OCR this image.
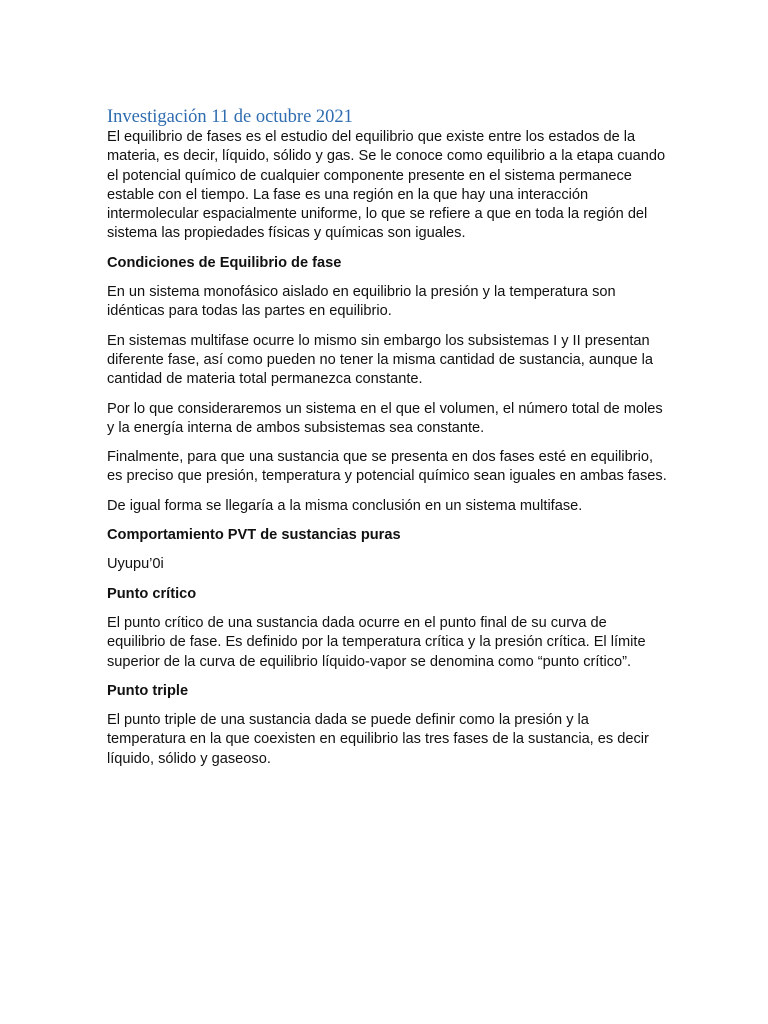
Investigación 11 de octubre 2021

El equilibrio de fases es el estudio del equilibrio que existe entre los estados de la materia, es decir, líquido, sólido y gas. Se le conoce como equilibrio a la etapa cuando el potencial químico de cualquier componente presente en el sistema permanece estable con el tiempo. La fase es una región en la que hay una interacción intermolecular espacialmente uniforme, lo que se refiere a que en toda la región del sistema las propiedades físicas y químicas son iguales.

Condiciones de Equilibrio de fase

En un sistema monofásico aislado en equilibrio la presión y la temperatura son idénticas para todas las partes en equilibrio.

En sistemas multifase ocurre lo mismo sin embargo los subsistemas I y II presentan diferente fase, así como pueden no tener la misma cantidad de sustancia, aunque la cantidad de materia total permanezca constante.

Por lo que consideraremos un sistema en el que el volumen, el número total de moles y la energía interna de ambos subsistemas sea constante.

Finalmente, para que una sustancia que se presenta en dos fases esté en equilibrio, es preciso que presión, temperatura y potencial químico sean iguales en ambas fases.

De igual forma se llegaría a la misma conclusión en un sistema multifase.

Comportamiento PVT de sustancias puras

Uyupu’0i

Punto crítico

El punto crítico de una sustancia dada ocurre en el punto final de su curva de equilibrio de fase. Es definido por la temperatura crítica y la presión crítica. El límite superior de la curva de equilibrio líquido-vapor se denomina como “punto crítico”.

Punto triple

El punto triple de una sustancia dada se puede definir como la presión y la temperatura en la que coexisten en equilibrio las tres fases de la sustancia, es decir líquido, sólido y gaseoso.
